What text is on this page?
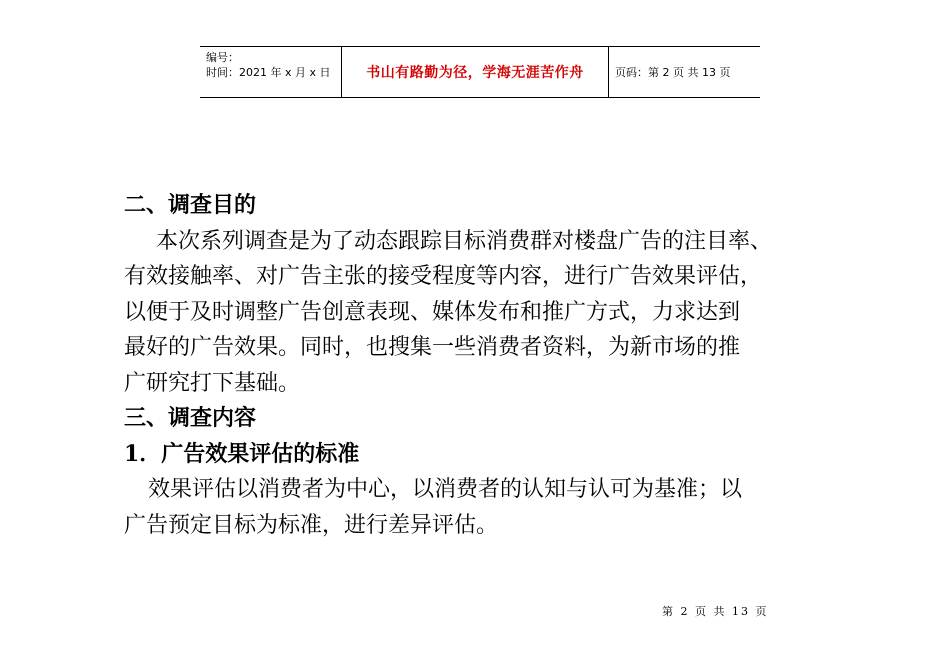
编号：
时间：2021 年 x 月 x 日	书山有路勤为径，学海无涯苦作舟	页码：第 2 页 共 13 页

二、调查目的

本次系列调查是为了动态跟踪目标消费群对楼盘广告的注目率、
有效接触率、对广告主张的接受程度等内容，进行广告效果评估，
以便于及时调整广告创意表现、媒体发布和推广方式，力求达到
最好的广告效果。同时，也搜集一些消费者资料，为新市场的推
广研究打下基础。

三、调查内容

1．广告效果评估的标准

效果评估以消费者为中心，以消费者的认知与认可为基准；以
广告预定目标为标准，进行差异评估。

第 2 页 共 13 页
